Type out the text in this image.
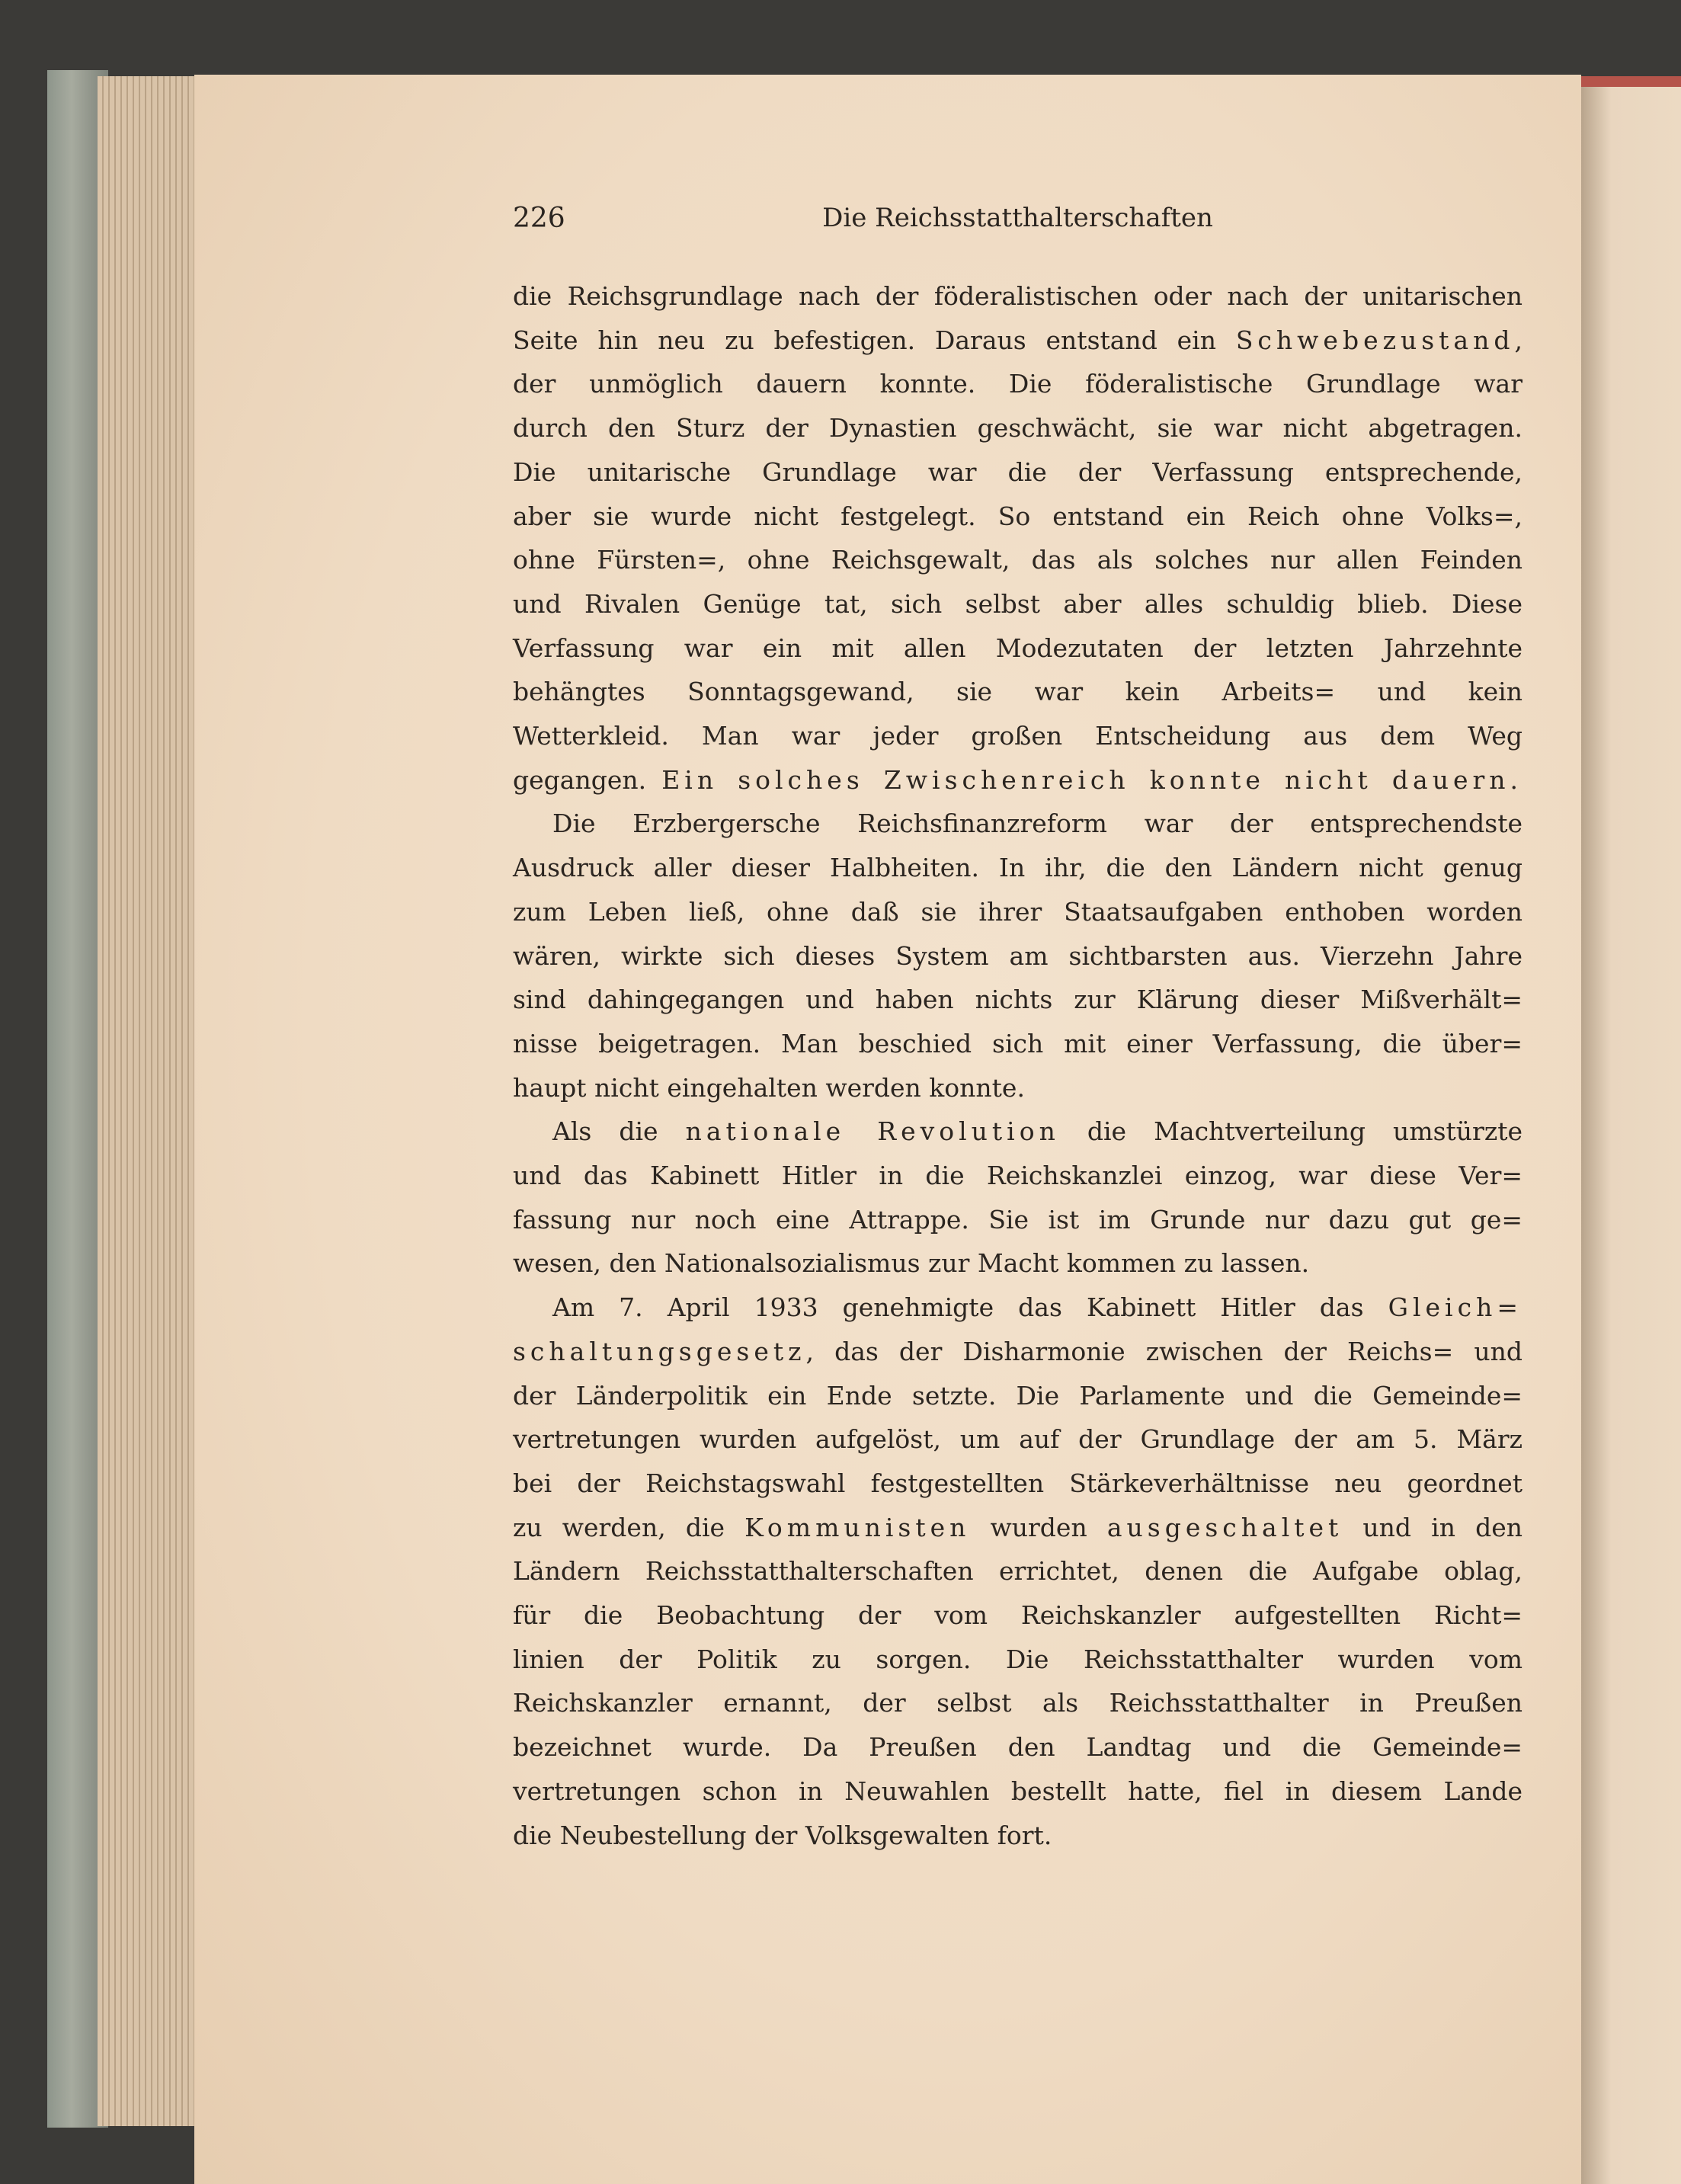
226	Die Reichsstatthalterschaften
die Reichsgrundlage nach der föderalistischen oder nach der unitarischen
Seite hin neu zu befestigen. Daraus entstand ein Schwebezustand,
der unmöglich dauern konnte. Die föderalistische Grundlage war
durch den Sturz der Dynastien geschwächt, sie war nicht abgetragen.
Die unitarische Grundlage war die der Verfassung entsprechende,
aber sie wurde nicht festgelegt. So entstand ein Reich ohne Volks=,
ohne Fürsten=, ohne Reichsgewalt, das als solches nur allen Feinden
und Rivalen Genüge tat, sich selbst aber alles schuldig blieb. Diese
Verfassung war ein mit allen Modezutaten der letzten Jahrzehnte
behängtes Sonntagsgewand, sie war kein Arbeits= und kein
Wetterkleid. Man war jeder großen Entscheidung aus dem Weg
gegangen. Ein solches Zwischenreich konnte nicht dauern.
Die Erzbergersche Reichsfinanzreform war der entsprechendste
Ausdruck aller dieser Halbheiten. In ihr, die den Ländern nicht genug
zum Leben ließ, ohne daß sie ihrer Staatsaufgaben enthoben worden
wären, wirkte sich dieses System am sichtbarsten aus. Vierzehn Jahre
sind dahingegangen und haben nichts zur Klärung dieser Mißverhält=
nisse beigetragen. Man beschied sich mit einer Verfassung, die über=
haupt nicht eingehalten werden konnte.
Als die nationale Revolution die Machtverteilung umstürzte
und das Kabinett Hitler in die Reichskanzlei einzog, war diese Ver=
fassung nur noch eine Attrappe. Sie ist im Grunde nur dazu gut ge=
wesen, den Nationalsozialismus zur Macht kommen zu lassen.
Am 7. April 1933 genehmigte das Kabinett Hitler das Gleich=
schaltungsgesetz, das der Disharmonie zwischen der Reichs= und
der Länderpolitik ein Ende setzte. Die Parlamente und die Gemeinde=
vertretungen wurden aufgelöst, um auf der Grundlage der am 5. März
bei der Reichstagswahl festgestellten Stärkeverhältnisse neu geordnet
zu werden, die Kommunisten wurden ausgeschaltet und in den
Ländern Reichsstatthalterschaften errichtet, denen die Aufgabe oblag,
für die Beobachtung der vom Reichskanzler aufgestellten Richt=
linien der Politik zu sorgen. Die Reichsstatthalter wurden vom
Reichskanzler ernannt, der selbst als Reichsstatthalter in Preußen
bezeichnet wurde. Da Preußen den Landtag und die Gemeinde=
vertretungen schon in Neuwahlen bestellt hatte, fiel in diesem Lande
die Neubestellung der Volksgewalten fort.
